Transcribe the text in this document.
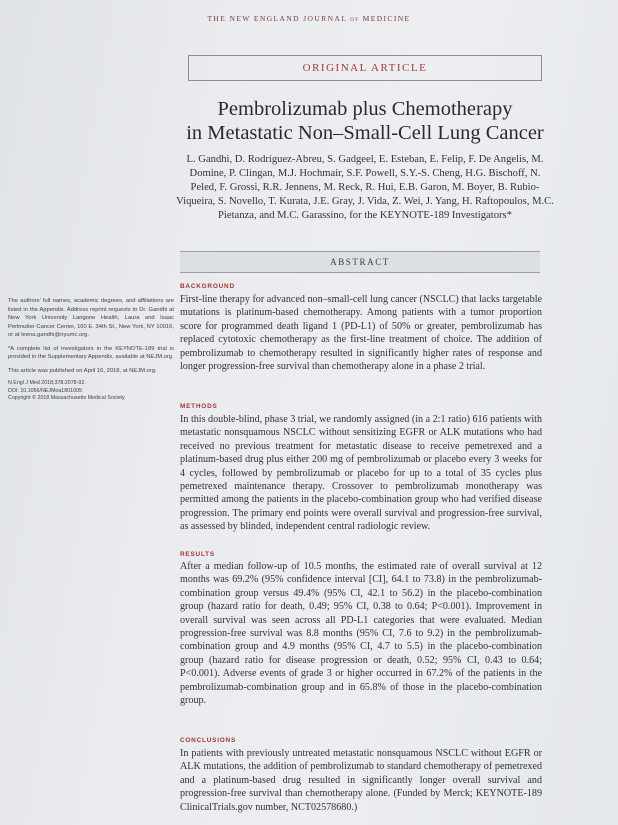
THE NEW ENGLAND JOURNAL of MEDICINE
ORIGINAL ARTICLE
Pembrolizumab plus Chemotherapy
in Metastatic Non–Small-Cell Lung Cancer
L. Gandhi, D. Rodríguez-Abreu, S. Gadgeel, E. Esteban, E. Felip, F. De Angelis, M. Domine, P. Clingan, M.J. Hochmair, S.F. Powell, S.Y.-S. Cheng, H.G. Bischoff, N. Peled, F. Grossi, R.R. Jennens, M. Reck, R. Hui, E.B. Garon, M. Boyer, B. Rubio-Viqueira, S. Novello, T. Kurata, J.E. Gray, J. Vida, Z. Wei, J. Yang, H. Raftopoulos, M.C. Pietanza, and M.C. Garassino, for the KEYNOTE-189 Investigators*
ABSTRACT

The authors’ full names, academic degrees, and affiliations are listed in the Appendix. Address reprint requests to Dr. Gandhi at New York University Langone Health, Laura and Isaac Perlmutter Cancer Center, 160 E. 34th St., New York, NY 10016, or at leena.gandhi@nyumc.org.

*A complete list of investigators in the KEYNOTE-189 trial is provided in the Supplementary Appendix, available at NEJM.org.

This article was published on April 16, 2018, at NEJM.org.

N Engl J Med 2018;378:2078-92.
DOI: 10.1056/NEJMoa1801005
Copyright © 2018 Massachusetts Medical Society.
BACKGROUND

First-line therapy for advanced non–small-cell lung cancer (NSCLC) that lacks targetable mutations is platinum-based chemotherapy. Among patients with a tumor proportion score for programmed death ligand 1 (PD-L1) of 50% or greater, pembrolizumab has replaced cytotoxic chemotherapy as the first-line treatment of choice. The addition of pembrolizumab to chemotherapy resulted in significantly higher rates of response and longer progression-free survival than chemotherapy alone in a phase 2 trial.

METHODS

In this double-blind, phase 3 trial, we randomly assigned (in a 2:1 ratio) 616 patients with metastatic nonsquamous NSCLC without sensitizing EGFR or ALK mutations who had received no previous treatment for metastatic disease to receive pemetrexed and a platinum-based drug plus either 200 mg of pembrolizumab or placebo every 3 weeks for 4 cycles, followed by pembrolizumab or placebo for up to a total of 35 cycles plus pemetrexed maintenance therapy. Crossover to pembrolizumab monotherapy was permitted among the patients in the placebo-combination group who had verified disease progression. The primary end points were overall survival and progression-free survival, as assessed by blinded, independent central radiologic review.

RESULTS

After a median follow-up of 10.5 months, the estimated rate of overall survival at 12 months was 69.2% (95% confidence interval [CI], 64.1 to 73.8) in the pembrolizumab-combination group versus 49.4% (95% CI, 42.1 to 56.2) in the placebo-combination group (hazard ratio for death, 0.49; 95% CI, 0.38 to 0.64; P<0.001). Improvement in overall survival was seen across all PD-L1 categories that were evaluated. Median progression-free survival was 8.8 months (95% CI, 7.6 to 9.2) in the pembrolizumab-combination group and 4.9 months (95% CI, 4.7 to 5.5) in the placebo-combination group (hazard ratio for disease progression or death, 0.52; 95% CI, 0.43 to 0.64; P<0.001). Adverse events of grade 3 or higher occurred in 67.2% of the patients in the pembrolizumab-combination group and in 65.8% of those in the placebo-combination group.

CONCLUSIONS

In patients with previously untreated metastatic nonsquamous NSCLC without EGFR or ALK mutations, the addition of pembrolizumab to standard chemotherapy of pemetrexed and a platinum-based drug resulted in significantly longer overall survival and progression-free survival than chemotherapy alone. (Funded by Merck; KEYNOTE-189 ClinicalTrials.gov number, NCT02578680.)
